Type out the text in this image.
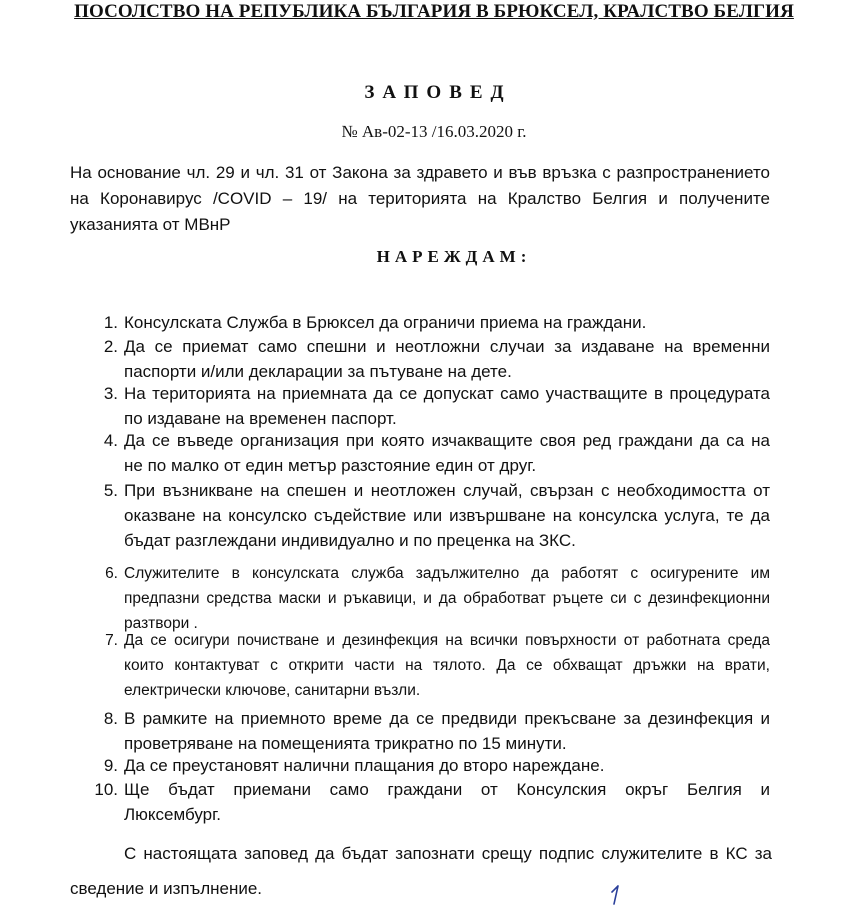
ПОСОЛСТВО НА РЕПУБЛИКА БЪЛГАРИЯ В БРЮКСЕЛ, КРАЛСТВО БЕЛГИЯ
ЗАПОВЕД
№ Ав-02-13 /16.03.2020 г.
На основание чл. 29 и чл. 31 от Закона за здравето и във връзка с разпространението
на Коронавирус /COVID – 19/ на територията на Кралство Белгия и получените
указанията от МВнР
НАРЕЖДАМ:
1. Консулската Служба в Брюксел да ограничи приема на граждани.
2. Да се приемат само спешни и неотложни случаи за издаване на временни
паспорти и/или декларации за пътуване на дете.
3. На територията на приемната да се допускат само участващите в процедурата
по издаване на временен паспорт.
4. Да се въведе организация при която изчакващите своя ред граждани да са на
не по малко от един метър разстояние един от друг.
5. При възникване на спешен и неотложен случай, свързан с необходимостта от
оказване на консулско съдействие или извършване на консулска услуга, те да
бъдат разглеждани индивидуално и по преценка на ЗКС.
6. Служителите в консулската служба задължително да работят с осигурените им
предпазни средства маски и ръкавици, и да обработват ръцете си с дезинфекционни
разтвори .
7. Да се осигури почистване и дезинфекция на всички повърхности от работната среда
които контактуват с открити части на тялото. Да се обхващат дръжки на врати,
електрически ключове, санитарни възли.
8. В рамките на приемното време да се предвиди прекъсване за дезинфекция и
проветряване на помещенията трикратно по 15 минути.
9. Да се преустановят налични плащания до второ нареждане.
10. Ще бъдат приемани само граждани от Консулския окръг Белгия и
Люксембург.
С настоящата заповед да бъдат запознати срещу подпис служителите в КС за
сведение и изпълнение.
